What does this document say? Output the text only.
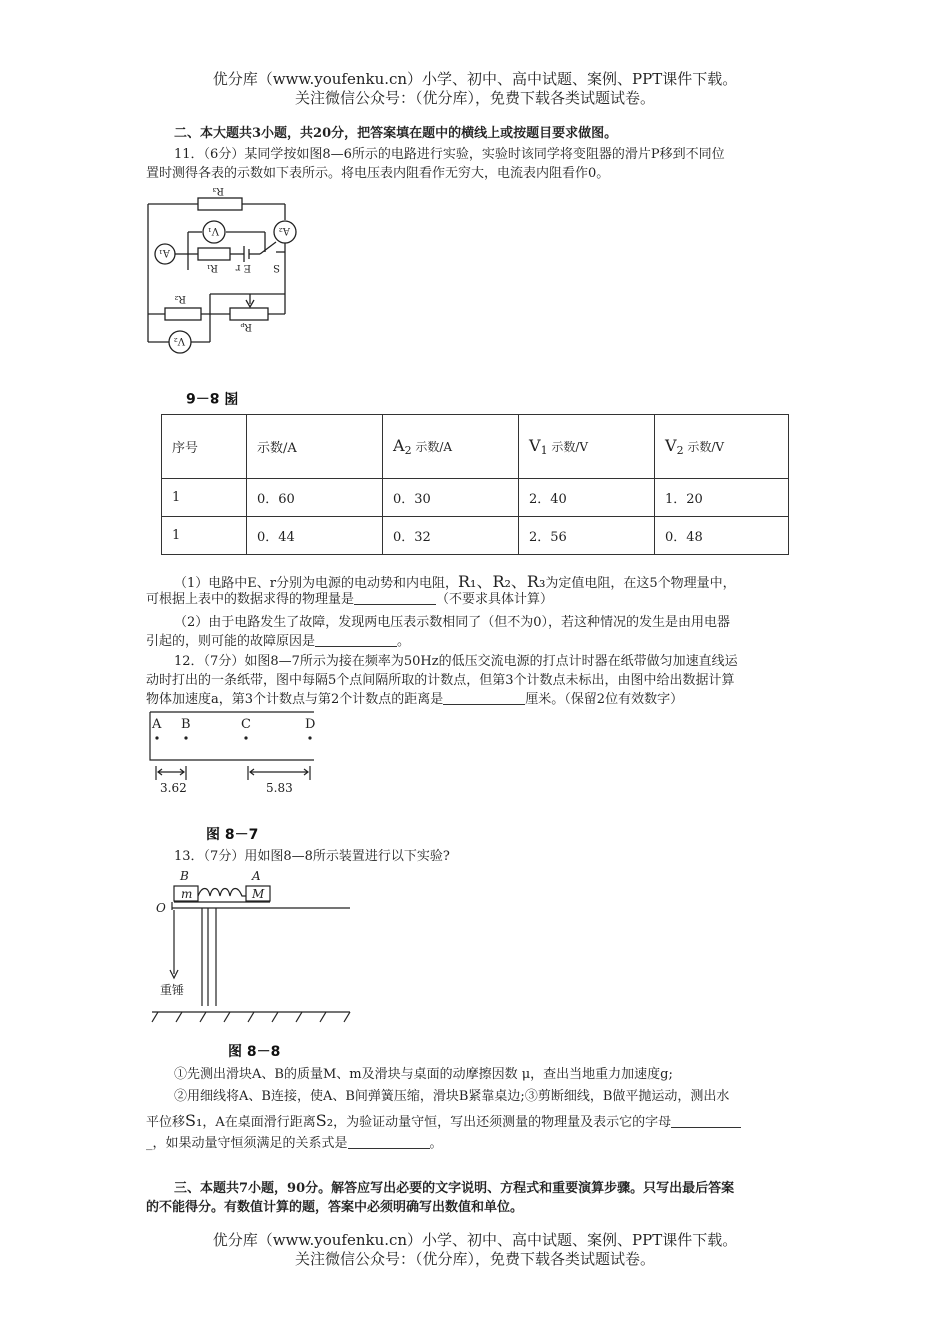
优分库（www.youfenku.cn）小学、初中、高中试题、案例、PPT课件下载。
关注微信公众号：（优分库），免费下载各类试题试卷。
二、本大题共3小题，共20分，把答案填在题中的横线上或按题目要求做图。
11．（6分）某同学按如图8—6所示的电路进行实验，实验时该同学将变阻器的滑片P移到不同位
置时测得各表的示数如下表所示。将电压表内阻看作无穷大，电流表内阻看作0。
R₃
V₁	A₂
A₁
R₁ E r S
R₂
Rₚ
V₂
图 8－6
序号	示数/A	$A_2$ 示数/A	$V_1$ 示数/V	$V_2$ 示数/V
1	0．60	0．30	2．40	1．20
1	0．44	0．32	2．56	0．48
（1）电路中E、r分别为电源的电动势和内电阻，R₁、R₂、R₃为定值电阻，在这5个物理量中，
可根据上表中的数据求得的物理量是	（不要求具体计算）
（2）由于电路发生了故障，发现两电压表示数相同了（但不为0），若这种情况的发生是由用电器
引起的，则可能的故障原因是	。
12．（7分）如图8—7所示为接在频率为50Hz的低压交流电源的打点计时器在纸带做匀加速直线运
动时打出的一条纸带，图中每隔5个点间隔所取的计数点，但第3个计数点未标出，由图中给出数据计算
物体加速度a，第3个计数点与第2个计数点的距离是	厘米。（保留2位有效数字）
A B	C	D
3.62	5.83
图 8－7
13．（7分）用如图8—8所示装置进行以下实验?
B	A
m	M
O
重锤
图 8－8
①先测出滑块A、B的质量M、m及滑块与桌面的动摩擦因数 μ，查出当地重力加速度g;
②用细线将A、B连接，使A、B间弹簧压缩，滑块B紧靠桌边;③剪断细线，B做平抛运动，测出水
平位移S₁，A在桌面滑行距离S₂，为验证动量守恒，写出还须测量的物理量及表示它的字母
_，如果动量守恒须满足的关系式是	。
三、本题共7小题，90分。解答应写出必要的文字说明、方程式和重要演算步骤。只写出最后答案
的不能得分。有数值计算的题，答案中必须明确写出数值和单位。
优分库（www.youfenku.cn）小学、初中、高中试题、案例、PPT课件下载。
关注微信公众号：（优分库），免费下载各类试题试卷。
